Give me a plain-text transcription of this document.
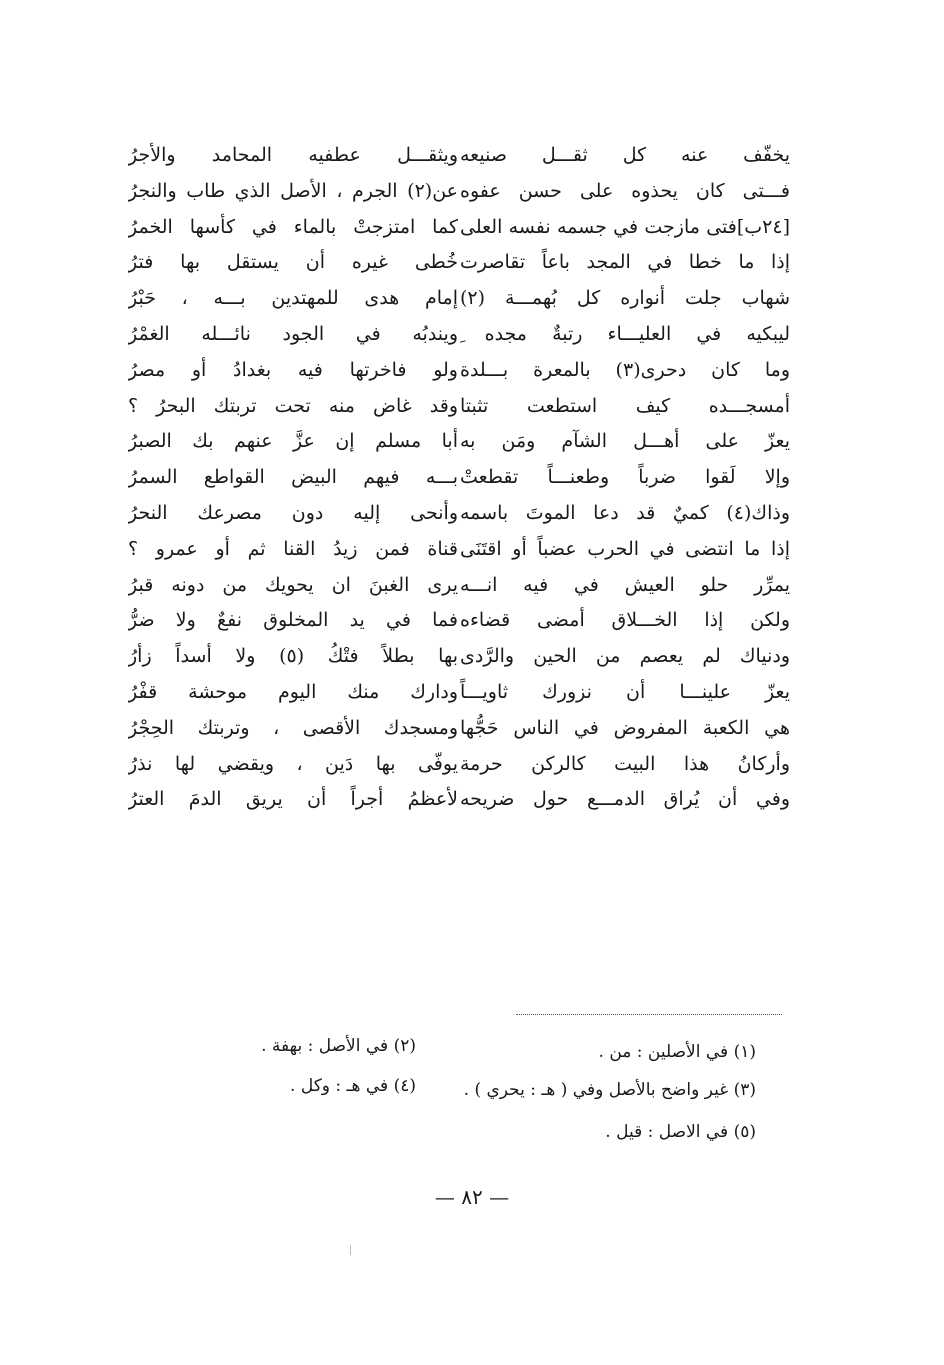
يخفّف عنه كل ثقـــل صنيعه
فـــتى كان يحذوه على حسن عفوه
[٢٤ب]فتى مازجت في جسمه نفسه العلى
إذا ما خطا في المجد باعاً تقاصرت
شهاب جلت أنواره كل بُهمـــة (٢)
ليبكيه في العليـــاء رتبةٌ مجده ِ
وما كان دحرى(٣) بالمعرة بـــلدة
أمسجـــده كيف استطعت تثبتا
يعزّ على أهـــل الشآم ومَن به
وإلا لَقوا ضرباً وطعنـــاً تقطعتْ
وذاك(٤) كميٌ قد دعا الموتَ باسمه
إذا ما انتضى في الحرب عضباً أو اقتَنَى
يمرِّر حلو العيش في فيه انـــه
ولكن إذا الخـــلاق أمضى قضاءه
ودنياك لم يعصم من الحين والرَّدى
يعزّ علينـــا أن نزورك ثاويـــاً
هي الكعبة المفروض في الناس حَجُّها
وأركانُ هذا البيت كالركن حرمة
وفي أن يُراق الدمـــع حول ضريحه
ويثقـــل عطفيه المحامد والأجرُ
عن(٢) الجرم ، الأصل الذي طاب والنجرُ
كما امتزجتْ بالماء في كأسها الخمرُ
خُطى غيره أن يستقل بها فترُ
إمام هدى للمهتدين بـــه ، حَبْرُ
ويندبُه في الجود نائـــله الغمْرُ
ولو فاخرتها فيه بغدادُ أو مصرُ
وقد غاض منه تحت تربتك البحرُ ؟
أبا مسلم إن عزَّ عنهم بك الصبرُ
بـــه فيهم البيض القواطع السمرُ
وأنحى إليه دون مصرعك النحرُ
قناة فمن زيدُ القنا ثم أو عمرو ؟
يرى الغبنَ ان يحويك من دونه قبرُ
فما في يد المخلوق نفعٌ ولا ضرُّ
بها بطلاً فتْكُ (٥) ولا أسداً زأرُ
ودارك منك اليوم موحشة قفْرُ
ومسجدك الأقصى ، وتربتك الحِجْرُ
يوفّى بها دَين ، ويقضي لها نذرُ
لأعظمُ أجراً أن يريق الدمَ العترُ
(١) في الأصلين : من .
(٢) في الأصل : بهفة .
(٣) غير واضح بالأصل وفي ( هـ : يحري ) .
(٤) في هـ : وكل .
(٥) في الاصل : قيل .
— ٨٢ —
